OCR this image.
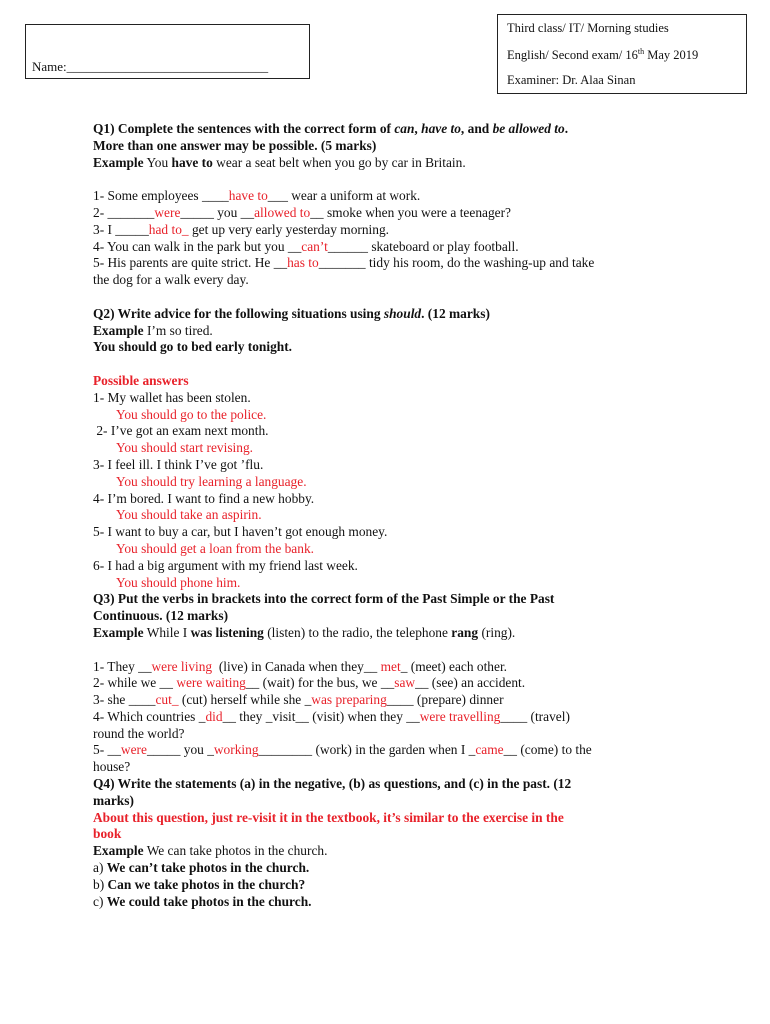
Name:_______________________________
Third class/ IT/ Morning studies
English/ Second exam/ 16th May 2019
Examiner: Dr. Alaa Sinan

Q1) Complete the sentences with the correct form of can, have to, and be allowed to.

More than one answer may be possible. (5 marks)

Example You have to wear a seat belt when you go by car in Britain.

1- Some employees ____have to___ wear a uniform at work.

2- _______were_____ you __allowed to__ smoke when you were a teenager?

3- I _____had to_ get up very early yesterday morning.

4- You can walk in the park but you __can’t______ skateboard or play football.

5- His parents are quite strict. He __has to_______ tidy his room, do the washing-up and take

the dog for a walk every day.

Q2) Write advice for the following situations using should. (12 marks)

Example I’m so tired.

You should go to bed early tonight.

Possible answers

1- My wallet has been stolen.

You should go to the police.

2- I’ve got an exam next month.

You should start revising.

3- I feel ill. I think I’ve got ’flu.

You should try learning a language.

4- I’m bored. I want to find a new hobby.

You should take an aspirin.

5- I want to buy a car, but I haven’t got enough money.

You should get a loan from the bank.

6- I had a big argument with my friend last week.

You should phone him.

Q3) Put the verbs in brackets into the correct form of the Past Simple or the Past

Continuous. (12 marks)

Example While I was listening (listen) to the radio, the telephone rang (ring).

1- They __were living  (live) in Canada when they__ met_ (meet) each other.

2- while we __ were waiting__ (wait) for the bus, we __saw__ (see) an accident.

3- she ____cut_ (cut) herself while she _was preparing____ (prepare) dinner

4- Which countries _did__ they _visit__ (visit) when they __were travelling____ (travel)

round the world?

5- __were_____ you _working________ (work) in the garden when I _came__ (come) to the

house?

Q4) Write the statements (a) in the negative, (b) as questions, and (c) in the past. (12

marks)

About this question, just re-visit it in the textbook, it’s similar to the exercise in the

book

Example We can take photos in the church.

a) We can’t take photos in the church.

b) Can we take photos in the church?

c) We could take photos in the church.
